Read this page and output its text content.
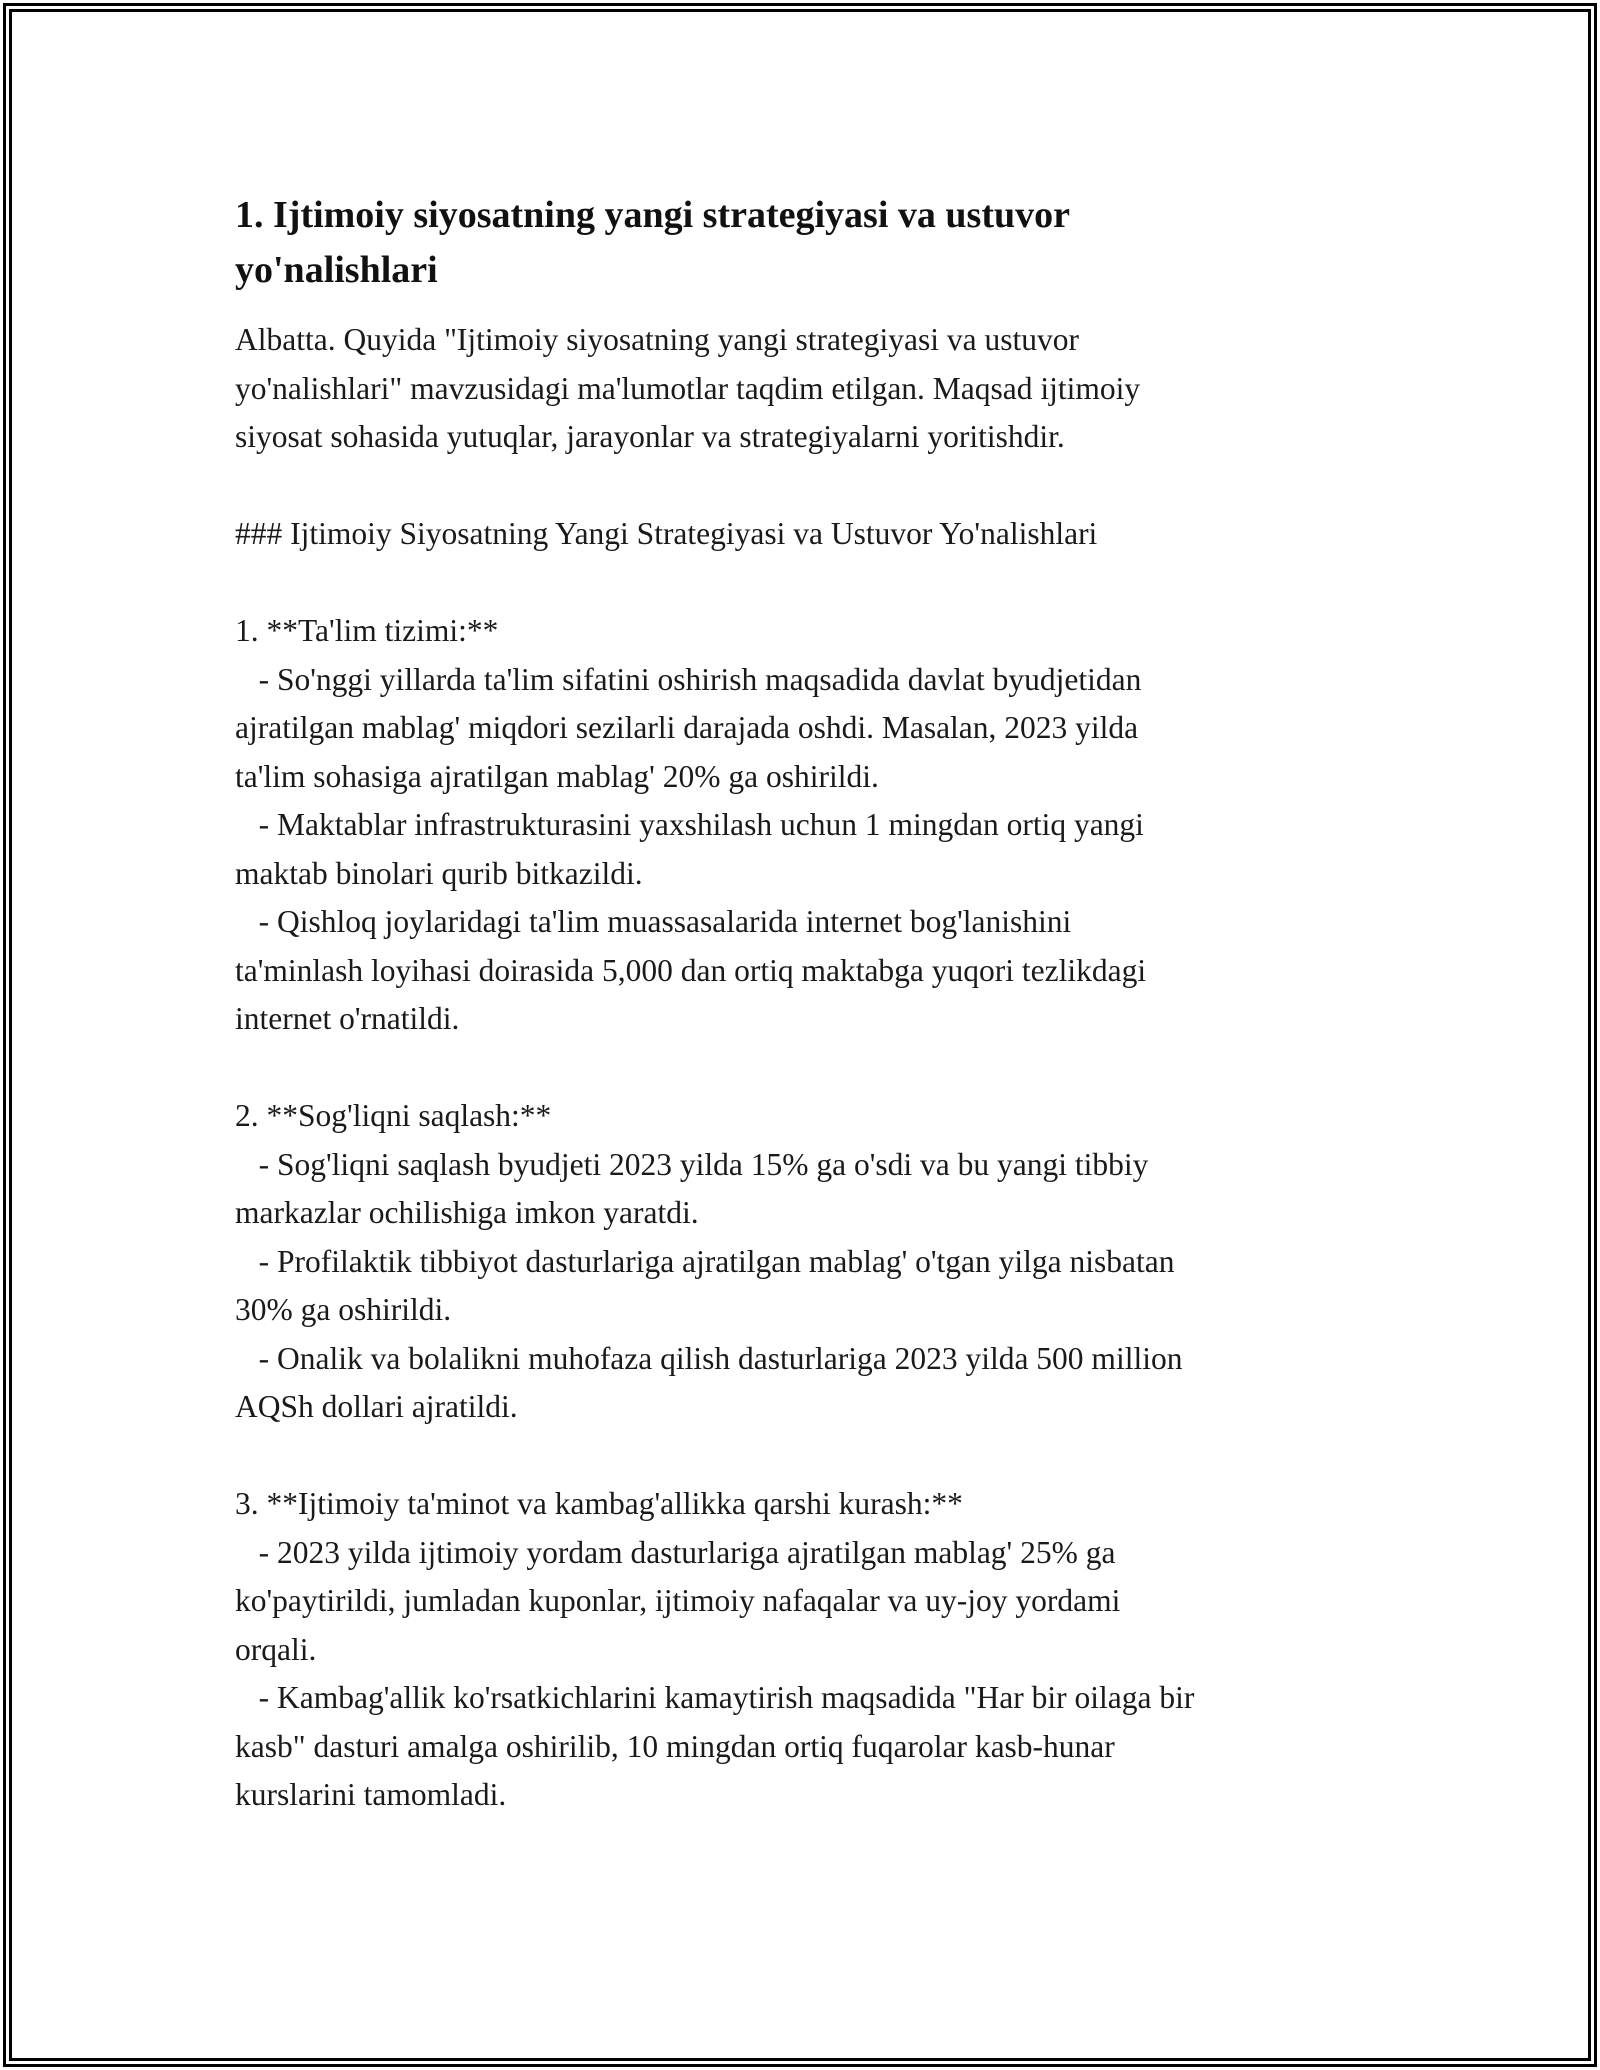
1. Ijtimoiy siyosatning yangi strategiyasi va ustuvor
yo'nalishlari
Albatta. Quyida "Ijtimoiy siyosatning yangi strategiyasi va ustuvor
yo'nalishlari" mavzusidagi ma'lumotlar taqdim etilgan. Maqsad ijtimoiy
siyosat sohasida yutuqlar, jarayonlar va strategiyalarni yoritishdir.
### Ijtimoiy Siyosatning Yangi Strategiyasi va Ustuvor Yo'nalishlari
1. **Ta'lim tizimi:**
- So'nggi yillarda ta'lim sifatini oshirish maqsadida davlat byudjetidan
ajratilgan mablag' miqdori sezilarli darajada oshdi. Masalan, 2023 yilda
ta'lim sohasiga ajratilgan mablag' 20% ga oshirildi.
- Maktablar infrastrukturasini yaxshilash uchun 1 mingdan ortiq yangi
maktab binolari qurib bitkazildi.
- Qishloq joylaridagi ta'lim muassasalarida internet bog'lanishini
ta'minlash loyihasi doirasida 5,000 dan ortiq maktabga yuqori tezlikdagi
internet o'rnatildi.
2. **Sog'liqni saqlash:**
- Sog'liqni saqlash byudjeti 2023 yilda 15% ga o'sdi va bu yangi tibbiy
markazlar ochilishiga imkon yaratdi.
- Profilaktik tibbiyot dasturlariga ajratilgan mablag' o'tgan yilga nisbatan
30% ga oshirildi.
- Onalik va bolalikni muhofaza qilish dasturlariga 2023 yilda 500 million
AQSh dollari ajratildi.
3. **Ijtimoiy ta'minot va kambag'allikka qarshi kurash:**
- 2023 yilda ijtimoiy yordam dasturlariga ajratilgan mablag' 25% ga
ko'paytirildi, jumladan kuponlar, ijtimoiy nafaqalar va uy-joy yordami
orqali.
- Kambag'allik ko'rsatkichlarini kamaytirish maqsadida "Har bir oilaga bir
kasb" dasturi amalga oshirilib, 10 mingdan ortiq fuqarolar kasb-hunar
kurslarini tamomladi.
